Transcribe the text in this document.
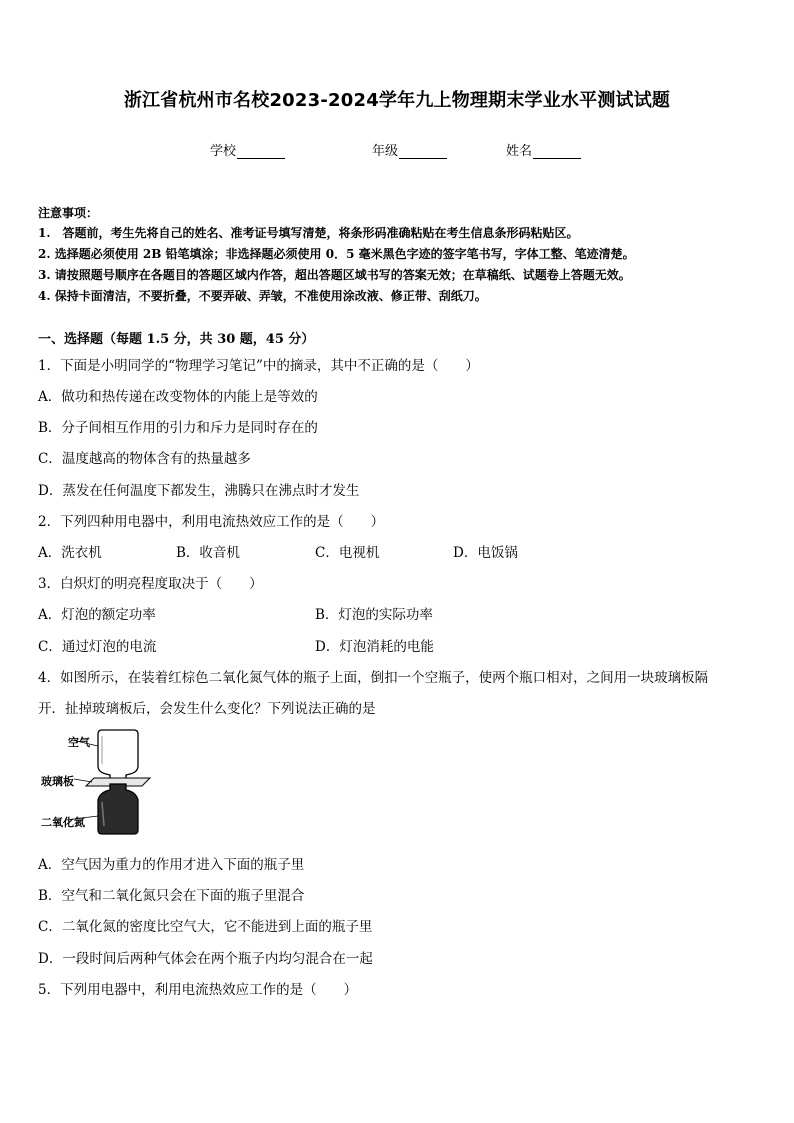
浙江省杭州市名校2023-2024学年九上物理期末学业水平测试试题
学校	年级	姓名
注意事项：
1.　答题前，考生先将自己的姓名、准考证号填写清楚，将条形码准确粘贴在考生信息条形码粘贴区。
2. 选择题必须使用 2B 铅笔填涂；非选择题必须使用 0．5 毫米黑色字迹的签字笔书写，字体工整、笔迹清楚。
3. 请按照题号顺序在各题目的答题区域内作答，超出答题区域书写的答案无效；在草稿纸、试题卷上答题无效。
4. 保持卡面清洁，不要折叠，不要弄破、弄皱，不准使用涂改液、修正带、刮纸刀。
一、选择题（每题 1.5 分，共 30 题，45 分）
1．下面是小明同学的“物理学习笔记”中的摘录，其中不正确的是（　　）
A．做功和热传递在改变物体的内能上是等效的
B．分子间相互作用的引力和斥力是同时存在的
C．温度越高的物体含有的热量越多
D．蒸发在任何温度下都发生，沸腾只在沸点时才发生
2．下列四种用电器中，利用电流热效应工作的是（　　）
A．洗衣机	B．收音机	C．电视机	D．电饭锅
3．白炽灯的明亮程度取决于（　　）
A．灯泡的额定功率	B．灯泡的实际功率
C．通过灯泡的电流	D．灯泡消耗的电能
4．如图所示，在装着红棕色二氧化氮气体的瓶子上面，倒扣一个空瓶子，使两个瓶口相对，之间用一块玻璃板隔
开．扯掉玻璃板后，会发生什么变化？下列说法正确的是
空气
玻璃板
二氧化氮
A．空气因为重力的作用才进入下面的瓶子里
B．空气和二氧化氮只会在下面的瓶子里混合
C．二氧化氮的密度比空气大，它不能进到上面的瓶子里
D．一段时间后两种气体会在两个瓶子内均匀混合在一起
5．下列用电器中，利用电流热效应工作的是（　　）
